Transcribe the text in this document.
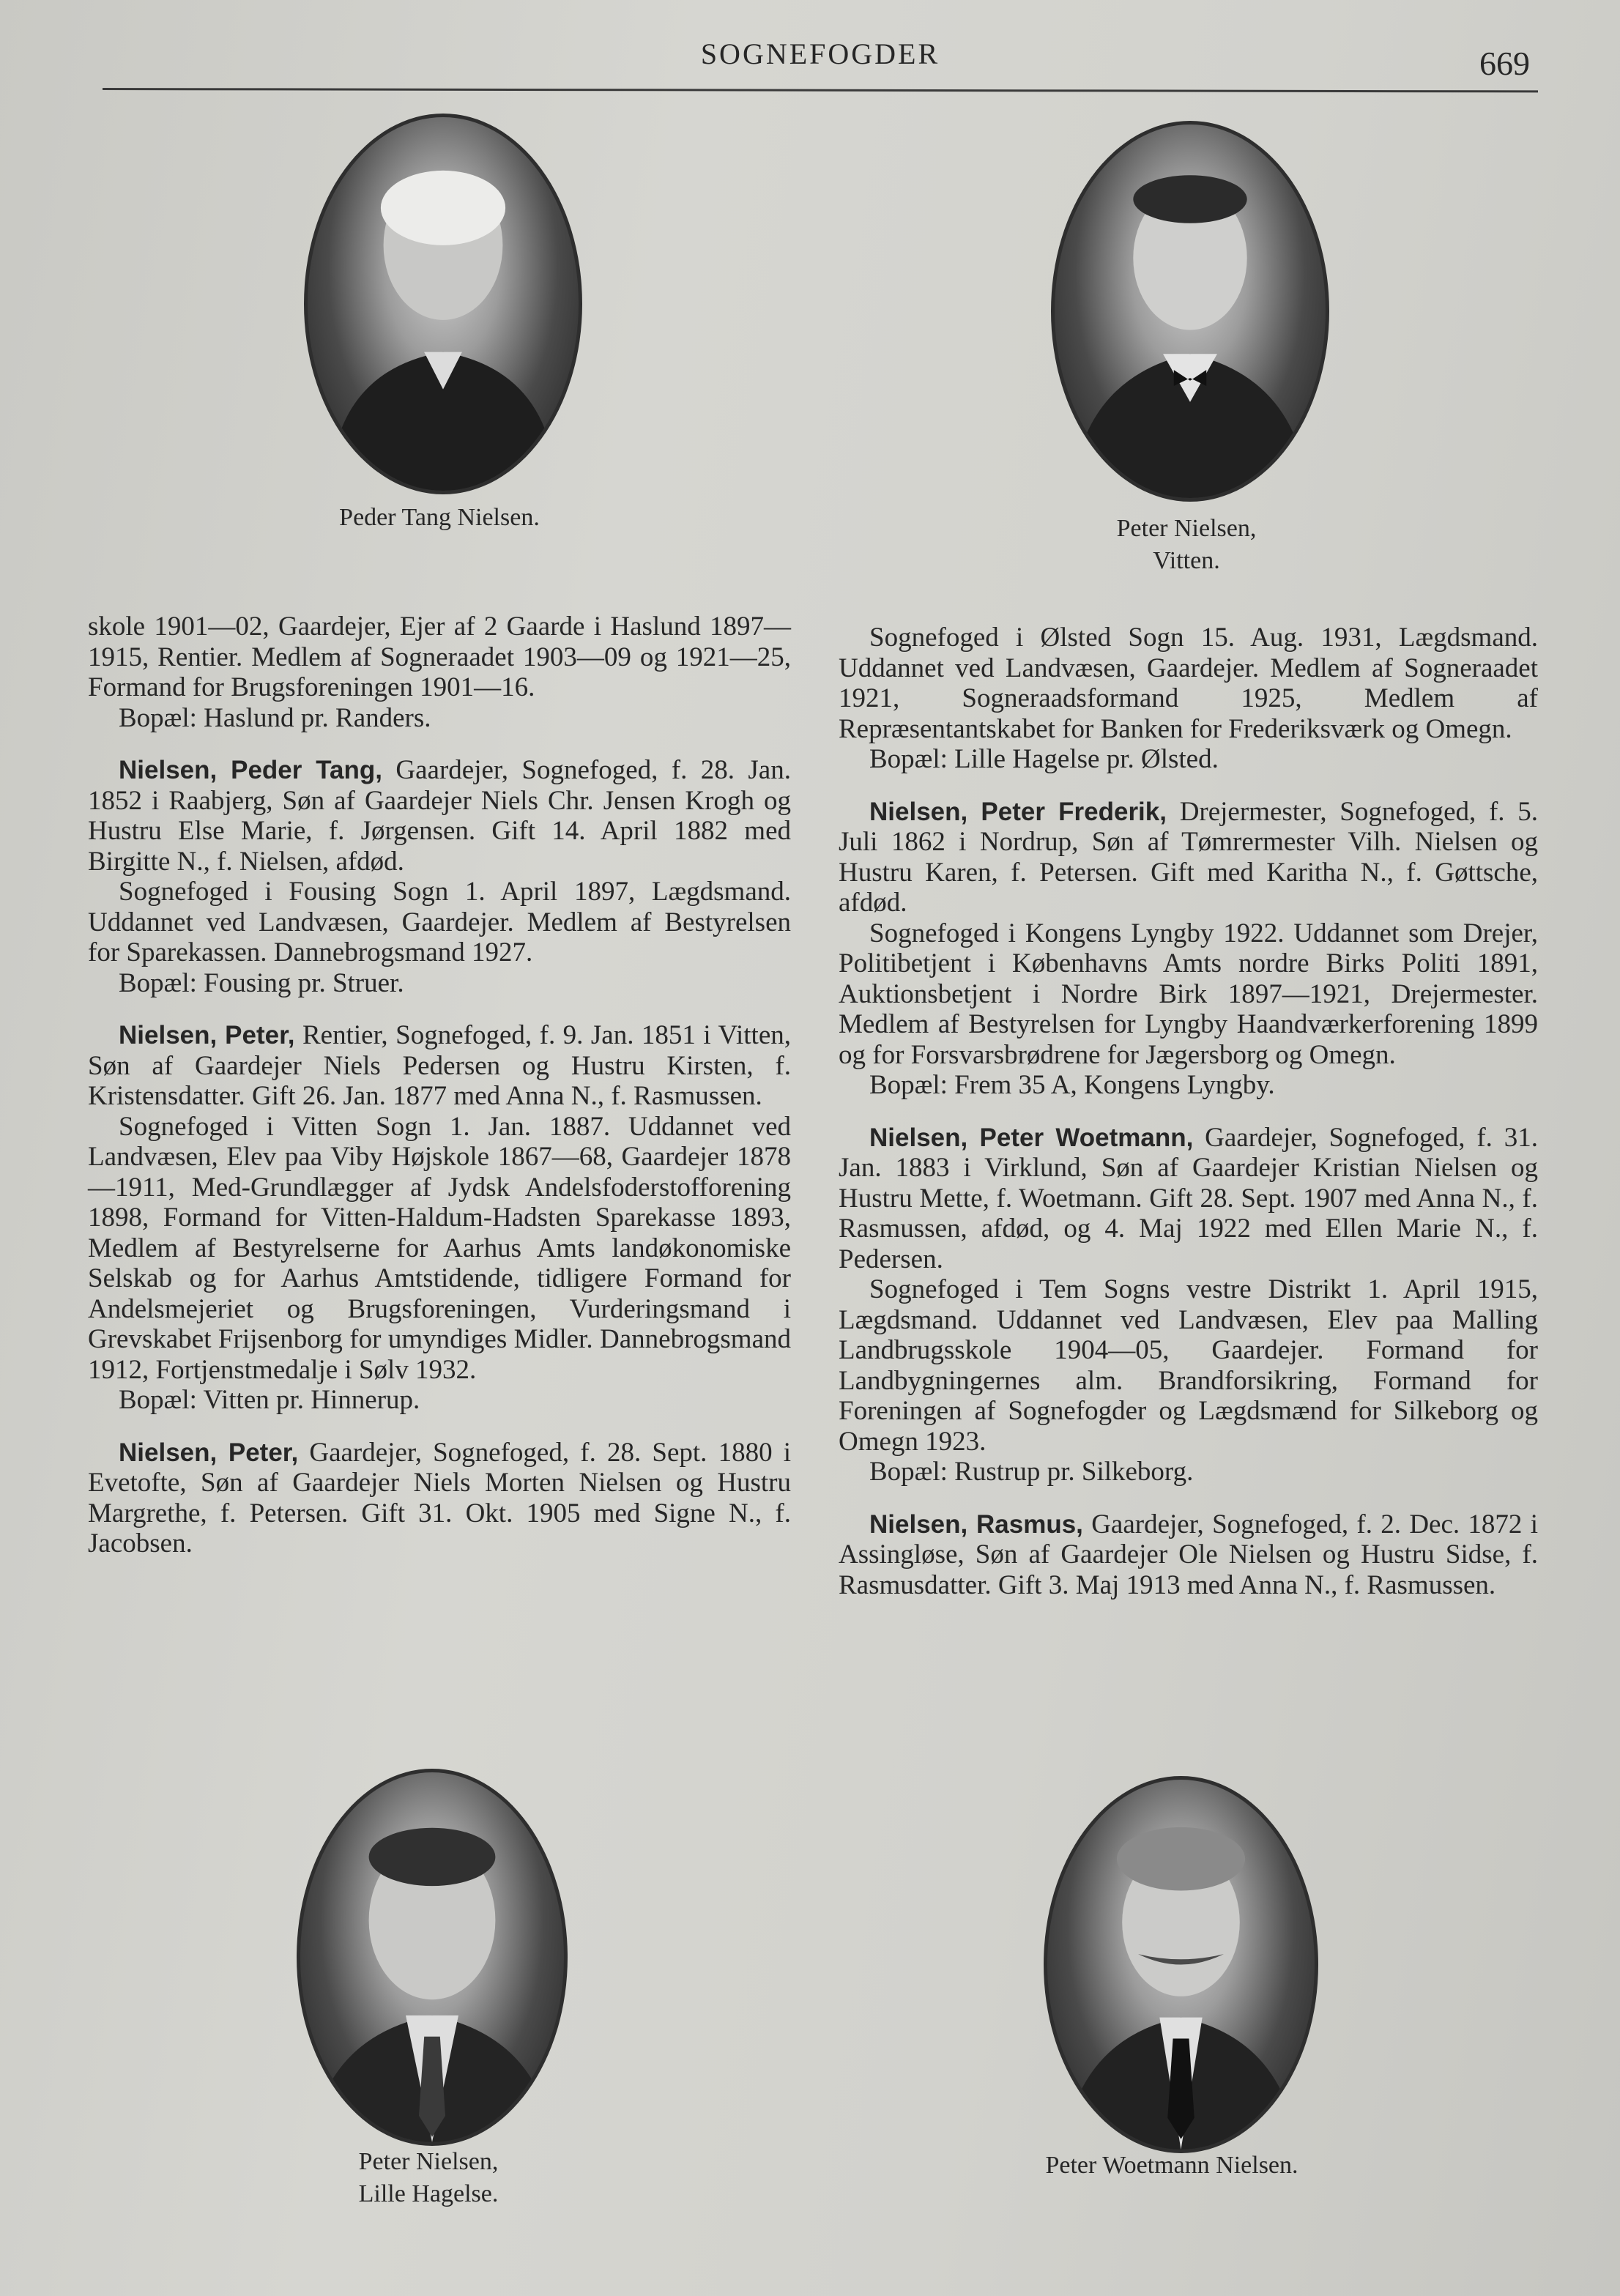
SOGNEFOGDER	669
Peder Tang Nielsen.	Peter Nielsen,
Vitten.

skole 1901—02, Gaardejer, Ejer af 2 Gaarde i Haslund 1897—1915, Rentier. Medlem af Sogneraadet 1903—09 og 1921—25, Formand for Brugsforeningen 1901—16.

Bopæl: Haslund pr. Randers.

Nielsen, Peder Tang, Gaardejer, Sognefoged, f. 28. Jan. 1852 i Raabjerg, Søn af Gaardejer Niels Chr. Jensen Krogh og Hustru Else Marie, f. Jørgensen. Gift 14. April 1882 med Birgitte N., f. Nielsen, afdød.

Sognefoged i Fousing Sogn 1. April 1897, Lægdsmand. Uddannet ved Landvæsen, Gaardejer. Medlem af Bestyrelsen for Sparekassen. Dannebrogsmand 1927.

Bopæl: Fousing pr. Struer.

Nielsen, Peter, Rentier, Sognefoged, f. 9. Jan. 1851 i Vitten, Søn af Gaardejer Niels Pedersen og Hustru Kirsten, f. Kristensdatter. Gift 26. Jan. 1877 med Anna N., f. Rasmussen.

Sognefoged i Vitten Sogn 1. Jan. 1887. Uddannet ved Landvæsen, Elev paa Viby Højskole 1867—68, Gaardejer 1878—1911, Med-Grundlægger af Jydsk Andelsfoderstofforening 1898, Formand for Vitten-Haldum-Hadsten Sparekasse 1893, Medlem af Bestyrelserne for Aarhus Amts landøkonomiske Selskab og for Aarhus Amtstidende, tidligere Formand for Andelsmejeriet og Brugsforeningen, Vurderingsmand i Grevskabet Frijsenborg for umyndiges Midler. Dannebrogsmand 1912, Fortjenstmedalje i Sølv 1932.

Bopæl: Vitten pr. Hinnerup.

Nielsen, Peter, Gaardejer, Sognefoged, f. 28. Sept. 1880 i Evetofte, Søn af Gaardejer Niels Morten Nielsen og Hustru Margrethe, f. Petersen. Gift 31. Okt. 1905 med Signe N., f. Jacobsen.

Sognefoged i Ølsted Sogn 15. Aug. 1931, Lægdsmand. Uddannet ved Landvæsen, Gaardejer. Medlem af Sogneraadet 1921, Sogneraadsformand 1925, Medlem af Repræsentantskabet for Banken for Frederiksværk og Omegn.

Bopæl: Lille Hagelse pr. Ølsted.

Nielsen, Peter Frederik, Drejermester, Sognefoged, f. 5. Juli 1862 i Nordrup, Søn af Tømrermester Vilh. Nielsen og Hustru Karen, f. Petersen. Gift med Karitha N., f. Gøttsche, afdød.

Sognefoged i Kongens Lyngby 1922. Uddannet som Drejer, Politibetjent i Københavns Amts nordre Birks Politi 1891, Auktionsbetjent i Nordre Birk 1897—1921, Drejermester. Medlem af Bestyrelsen for Lyngby Haandværkerforening 1899 og for Forsvarsbrødrene for Jægersborg og Omegn.

Bopæl: Frem 35 A, Kongens Lyngby.

Nielsen, Peter Woetmann, Gaardejer, Sognefoged, f. 31. Jan. 1883 i Virklund, Søn af Gaardejer Kristian Nielsen og Hustru Mette, f. Woetmann. Gift 28. Sept. 1907 med Anna N., f. Rasmussen, afdød, og 4. Maj 1922 med Ellen Marie N., f. Pedersen.

Sognefoged i Tem Sogns vestre Distrikt 1. April 1915, Lægdsmand. Uddannet ved Landvæsen, Elev paa Malling Landbrugsskole 1904—05, Gaardejer. Formand for Landbygningernes alm. Brandforsikring, Formand for Foreningen af Sognefogder og Lægdsmænd for Silkeborg og Omegn 1923.

Bopæl: Rustrup pr. Silkeborg.

Nielsen, Rasmus, Gaardejer, Sognefoged, f. 2. Dec. 1872 i Assingløse, Søn af Gaardejer Ole Nielsen og Hustru Sidse, f. Rasmusdatter. Gift 3. Maj 1913 med Anna N., f. Rasmussen.

Peter Nielsen,
Lille Hagelse.
Peter Woetmann Nielsen.
